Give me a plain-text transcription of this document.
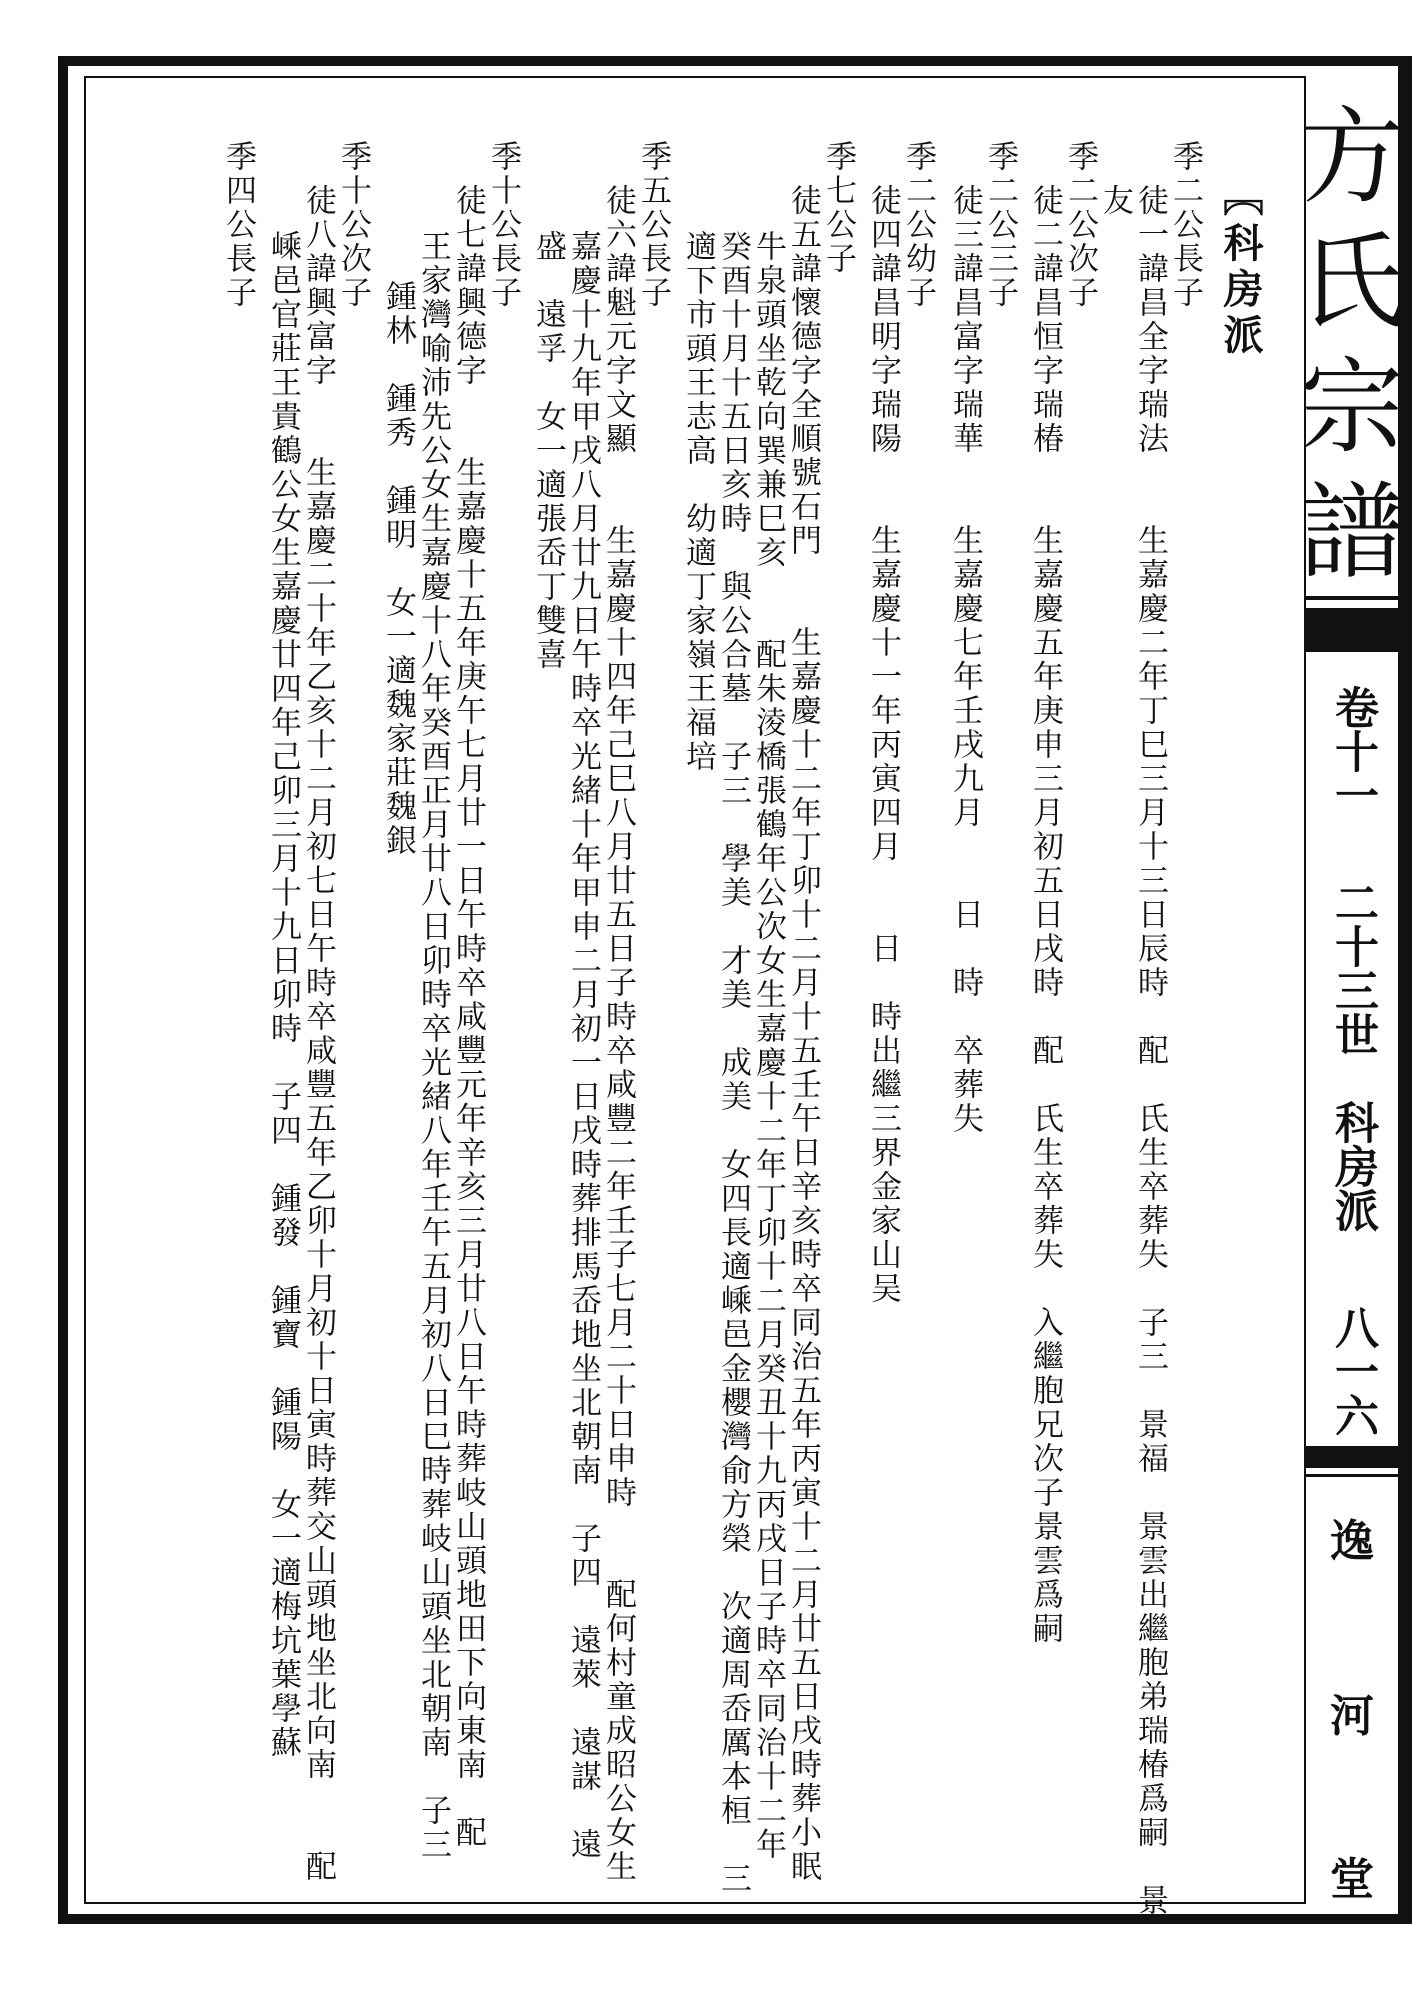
方
氏
宗
譜
卷十一
二十三世
科房派
八一六
逸
河
堂
〖科房派
季二公長子
徒一諱昌全字瑞法　　生嘉慶二年丁巳三月十三日辰時　配　氏生卒葬失　子三　景福　景雲出繼胞弟瑞椿爲嗣　景
友
季二公次子
徒二諱昌恒字瑞椿　　生嘉慶五年庚申三月初五日戌時　配　氏生卒葬失　入繼胞兄次子景雲爲嗣
季二公三子
徒三諱昌富字瑞華　　生嘉慶七年壬戌九月　　日　時　卒葬失
季二公幼子
徒四諱昌明字瑞陽　　生嘉慶十一年丙寅四月　　日　時出繼三界金家山吴
季七公子
徒五諱懷德字全順號石門　　生嘉慶十二年丁卯十二月十五壬午日辛亥時卒同治五年丙寅十二月廿五日戌時葬小眠
牛泉頭坐乾向巽兼巳亥　　配朱淩橋張鶴年公次女生嘉慶十二年丁卯十二月癸丑十九丙戌日子時卒同治十二年
癸酉十月十五日亥時　與公合墓　子三　學美　才美　成美　女四長適嵊邑金櫻灣俞方榮　次適周岙厲本桓　三
適下市頭王志高　幼適丁家嶺王福培
季五公長子
徒六諱魁元字文顯　　生嘉慶十四年己巳八月廿五日子時卒咸豐二年壬子七月二十日申時　　配何村童成昭公女生
嘉慶十九年甲戌八月廿九日午時卒光緒十年甲申二月初一日戌時葬排馬岙地坐北朝南　子四　遠萊　遠謀　遠
盛　遠孚　女一適張岙丁雙喜
季十公長子
徒七諱興德字　　生嘉慶十五年庚午七月廿一日午時卒咸豐元年辛亥三月廿八日午時葬岐山頭地田下向東南　配
王家灣喻沛先公女生嘉慶十八年癸酉正月廿八日卯時卒光緒八年壬午五月初八日巳時葬岐山頭坐北朝南　子三
鍾林　鍾秀　鍾明　女一適魏家莊魏銀
季十公次子
徒八諱興富字　　生嘉慶二十年乙亥十二月初七日午時卒咸豐五年乙卯十月初十日寅時葬交山頭地坐北向南　　配
嵊邑官莊王貴鶴公女生嘉慶廿四年己卯三月十九日卯時　子四　鍾發　鍾寶　鍾陽　女一適梅坑葉學蘇
季四公長子
